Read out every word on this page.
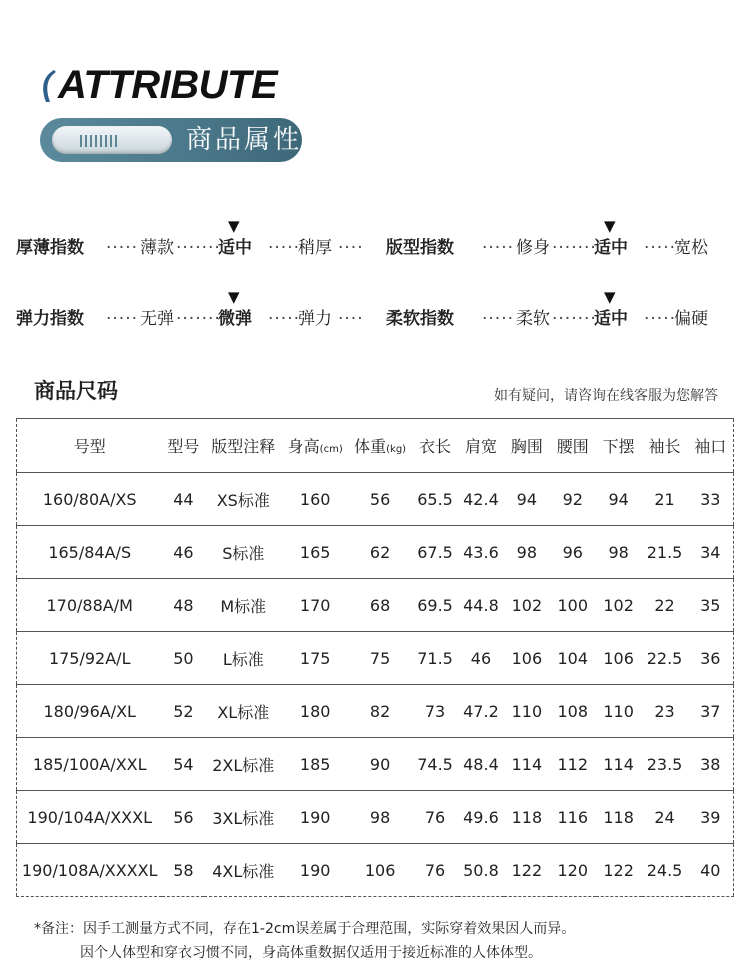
ATTRIBUTE
商品属性
厚薄指数 ····· 薄款 ·······
适中
▼
·····
稍厚 ···· 版型指数 ····· 修身 ·······
适中
▼
·····
宽松
弹力指数 ····· 无弹 ·······
微弹
▼
·····
弹力 ···· 柔软指数 ····· 柔软 ·······
适中
▼
·····
偏硬
商品尺码	如有疑问，请咨询在线客服为您解答
号型	型号	版型注释	身高(cm)	体重(kg)	衣长	肩宽	胸围	腰围	下摆	袖长	袖口
160/80A/XS	44	XS标准	160	56	65.5	42.4	94	92	94	21	33
165/84A/S	46	S标准	165	62	67.5	43.6	98	96	98	21.5	34
170/88A/M	48	M标准	170	68	69.5	44.8	102	100	102	22	35
175/92A/L	50	L标准	175	75	71.5	46	106	104	106	22.5	36
180/96A/XL	52	XL标准	180	82	73	47.2	110	108	110	23	37
185/100A/XXL	54	2XL标准	185	90	74.5	48.4	114	112	114	23.5	38
190/104A/XXXL	56	3XL标准	190	98	76	49.6	118	116	118	24	39
190/108A/XXXXL	58	4XL标准	190	106	76	50.8	122	120	122	24.5	40
*备注：因手工测量方式不同，存在1-2cm误差属于合理范围，实际穿着效果因人而异。
因个人体型和穿衣习惯不同，身高体重数据仅适用于接近标准的人体体型。
